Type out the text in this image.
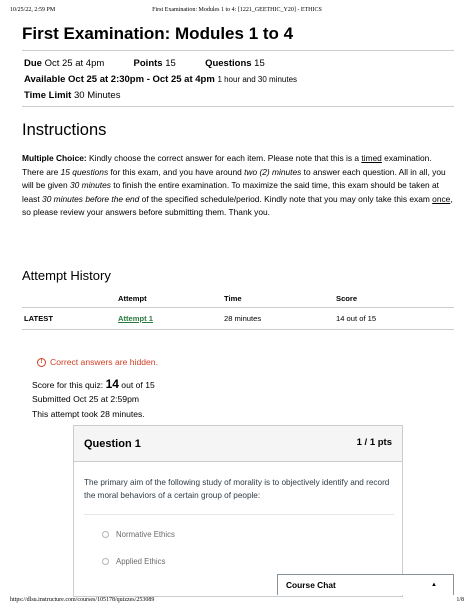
10/25/22, 2:59 PM	First Examination: Modules 1 to 4: [1221_GEETHIC_Y20] - ETHICS
First Examination: Modules 1 to 4
Due Oct 25 at 4pm	Points 15	Questions 15
Available Oct 25 at 2:30pm - Oct 25 at 4pm 1 hour and 30 minutes
Time Limit 30 Minutes
Instructions
Multiple Choice: Kindly choose the correct answer for each item. Please note that this is a timed examination. There are 15 questions for this exam, and you have around two (2) minutes to answer each question. All in all, you will be given 30 minutes to finish the entire examination. To maximize the said time, this exam should be taken at least 30 minutes before the end of the specified schedule/period. Kindly note that you may only take this exam once, so please review your answers before submitting them. Thank you.
Attempt History
	Attempt	Time	Score
LATEST	Attempt 1	28 minutes	14 out of 15
! Correct answers are hidden.
Score for this quiz: 14 out of 15
Submitted Oct 25 at 2:59pm
This attempt took 28 minutes.
Question 1	1 / 1 pts
The primary aim of the following study of morality is to objectively identify and record the moral behaviors of a certain group of people:
Normative Ethics
Applied Ethics
Course Chat	▲
https://dlsu.instructure.com/courses/105178/quizzes/253089	1/8
